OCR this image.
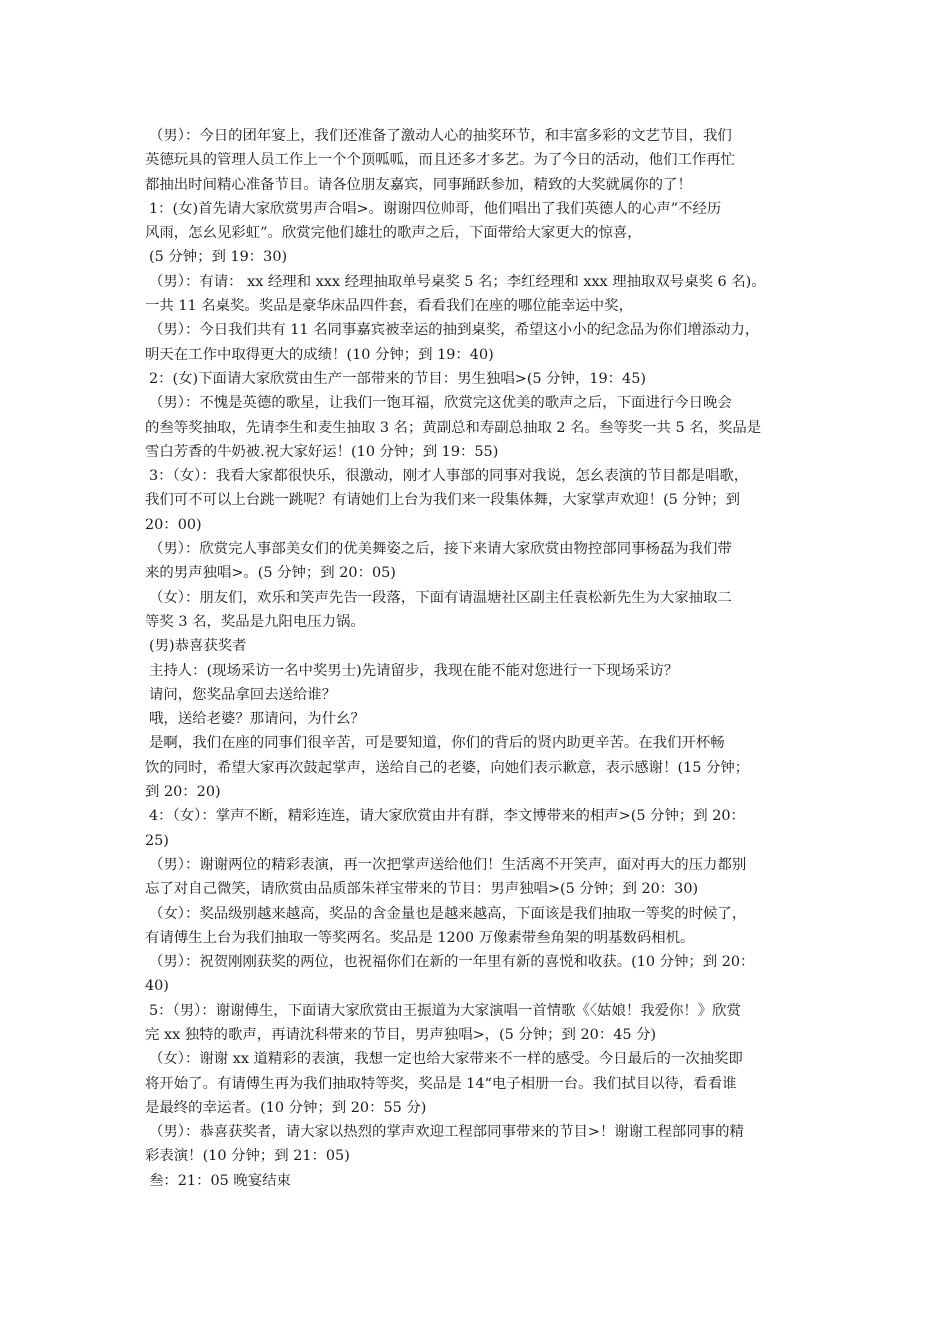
（男）：今日的团年宴上，我们还准备了激动人心的抽奖环节，和丰富多彩的文艺节目，我们
英德玩具的管理人员工作上一个个顶呱呱，而且还多才多艺。为了今日的活动，他们工作再忙
都抽出时间精心准备节目。请各位朋友嘉宾，同事踊跃参加，精致的大奖就属你的了！
1：(女)首先请大家欣赏男声合唱>。谢谢四位帅哥，他们唱出了我们英德人的心声”不经历
风雨，怎幺见彩虹”。欣赏完他们雄壮的歌声之后，下面带给大家更大的惊喜，
(5 分钟；到 19：30)
（男）：有请： xx 经理和 xxx 经理抽取单号桌奖 5 名；李红经理和 xxx 理抽取双号桌奖 6 名)。
一共 11 名桌奖。奖品是豪华床品四件套，看看我们在座的哪位能幸运中奖，
（男）：今日我们共有 11 名同事嘉宾被幸运的抽到桌奖，希望这小小的纪念品为你们增添动力，
明天在工作中取得更大的成绩！(10 分钟；到 19：40)
2：(女)下面请大家欣赏由生产一部带来的节目：男生独唱>(5 分钟，19：45)
（男）：不愧是英德的歌星，让我们一饱耳福，欣赏完这优美的歌声之后，下面进行今日晚会
的叁等奖抽取，先请李生和麦生抽取 3 名；黄副总和寿副总抽取 2 名。叁等奖一共 5 名，奖品是
雪白芳香的牛奶被.祝大家好运！(10 分钟；到 19：55)
3：（女）：我看大家都很快乐，很激动，刚才人事部的同事对我说，怎幺表演的节目都是唱歌，
我们可不可以上台跳一跳呢？有请她们上台为我们来一段集体舞，大家掌声欢迎！(5 分钟；到
20：00)
（男）：欣赏完人事部美女们的优美舞姿之后，接下来请大家欣赏由物控部同事杨磊为我们带
来的男声独唱>。(5 分钟；到 20：05)
（女）：朋友们，欢乐和笑声先告一段落，下面有请温塘社区副主任袁松新先生为大家抽取二
等奖 3 名，奖品是九阳电压力锅。
(男)恭喜获奖者
主持人：(现场采访一名中奖男士)先请留步，我现在能不能对您进行一下现场采访？
请问，您奖品拿回去送给谁？
哦，送给老婆？那请问，为什幺？
是啊，我们在座的同事们很辛苦，可是要知道，你们的背后的贤内助更辛苦。在我们开杯畅
饮的同时，希望大家再次鼓起掌声，送给自己的老婆，向她们表示歉意，表示感谢！(15 分钟；
到 20：20)
4：（女）：掌声不断，精彩连连，请大家欣赏由井有群，李文博带来的相声>(5 分钟；到 20：
25)
（男）：谢谢两位的精彩表演，再一次把掌声送给他们！生活离不开笑声，面对再大的压力都别
忘了对自己微笑，请欣赏由品质部朱祥宝带来的节目：男声独唱>(5 分钟；到 20：30)
（女）：奖品级别越来越高，奖品的含金量也是越来越高，下面该是我们抽取一等奖的时候了，
有请傅生上台为我们抽取一等奖两名。奖品是 1200 万像素带叁角架的明基数码相机。
（男）：祝贺刚刚获奖的两位，也祝福你们在新的一年里有新的喜悦和收获。(10 分钟；到 20：
40)
5：（男）：谢谢傅生，下面请大家欣赏由王振道为大家演唱一首情歌《〈姑娘！我爱你！》欣赏
完 xx 独特的歌声，再请沈科带来的节目，男声独唱>，(5 分钟；到 20：45 分)
（女）：谢谢 xx 道精彩的表演，我想一定也给大家带来不一样的感受。今日最后的一次抽奖即
将开始了。有请傅生再为我们抽取特等奖，奖品是 14“电子相册一台。我们拭目以待，看看谁
是最终的幸运者。(10 分钟；到 20：55 分)
（男）：恭喜获奖者，请大家以热烈的掌声欢迎工程部同事带来的节目>！谢谢工程部同事的精
彩表演！(10 分钟；到 21：05)
叁：21：05 晚宴结束
